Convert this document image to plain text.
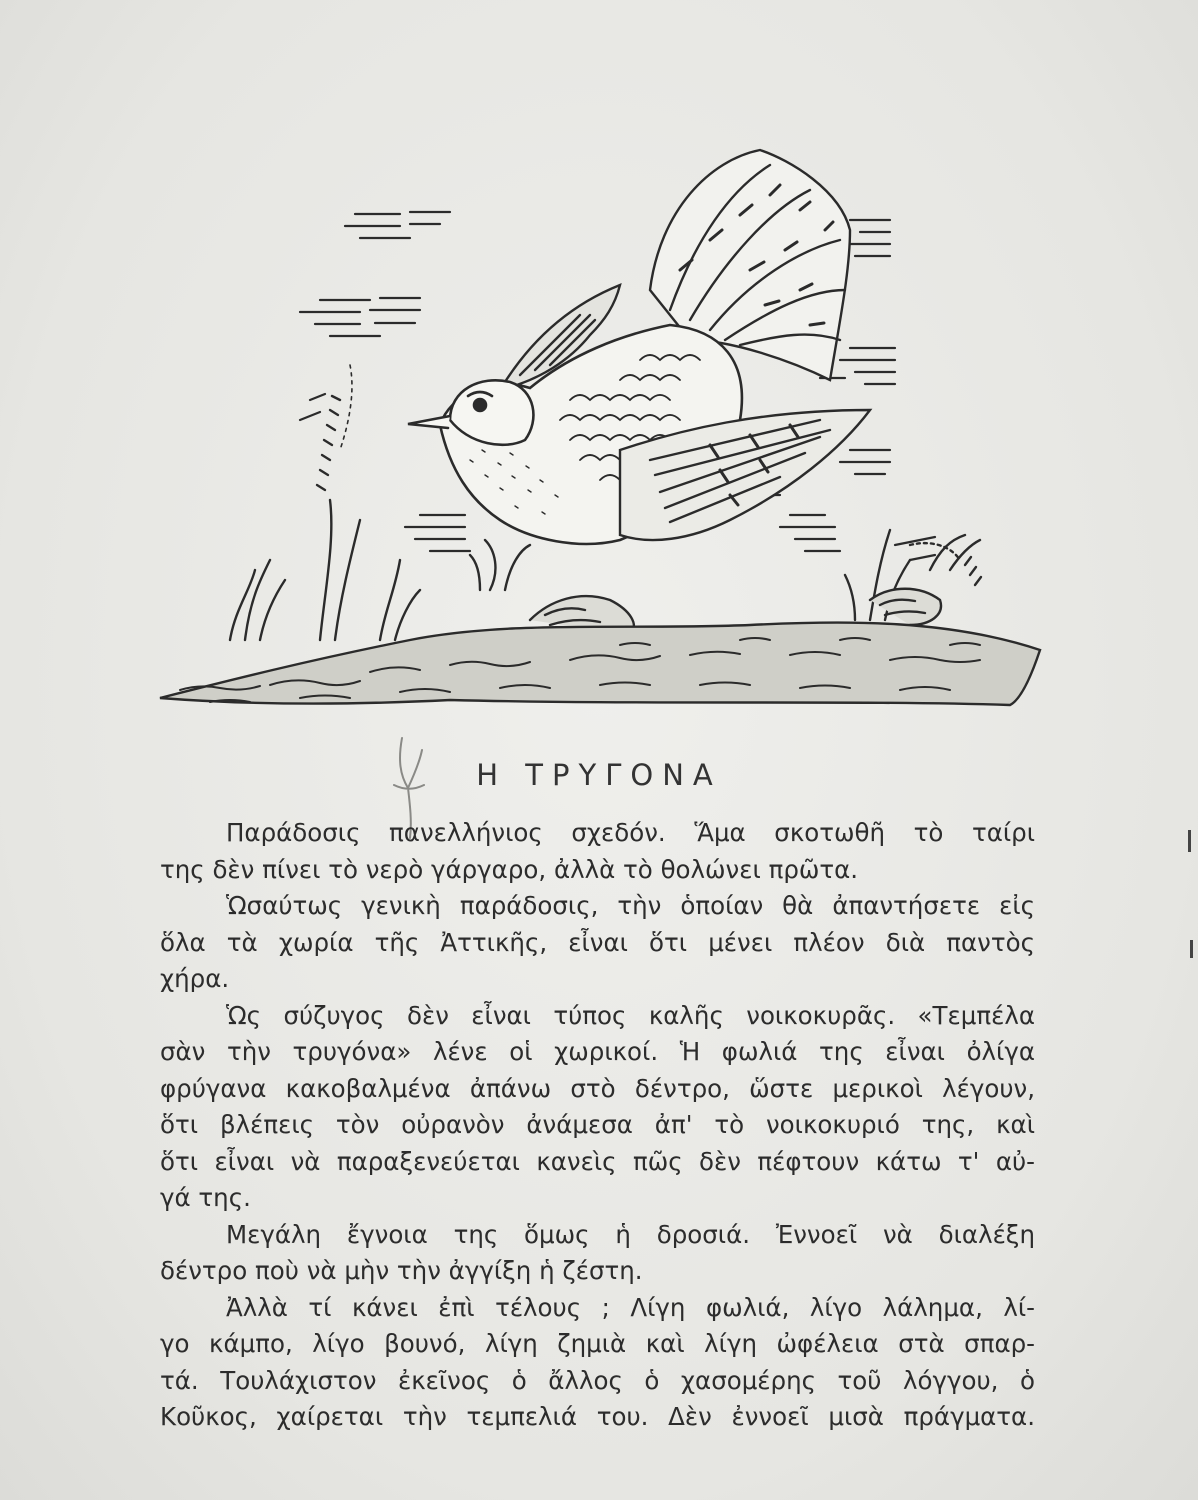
Η ΤΡΥΓΟΝΑ

Παράδοσις πανελλήνιος σχεδόν. Ἅμα σκοτωθῆ τὸ ταίρι
της δὲν πίνει τὸ νερὸ γάργαρο, ἀλλὰ τὸ θολώνει πρῶτα.

Ὡσαύτως γενικὴ παράδοσις, τὴν ὁποίαν θὰ ἀπαντήσετε εἰς
ὅλα τὰ χωρία τῆς Ἀττικῆς, εἶναι ὅτι μένει πλέον διὰ παντὸς
χήρα.

Ὡς σύζυγος δὲν εἶναι τύπος καλῆς νοικοκυρᾶς. «Τεμπέλα
σὰν τὴν τρυγόνα» λένε οἱ χωρικοί. Ἡ φωλιά της εἶναι ὀλίγα
φρύγανα κακοβαλμένα ἀπάνω στὸ δέντρο, ὥστε μερικοὶ λέγουν,
ὅτι βλέπεις τὸν οὐρανὸν ἀνάμεσα ἀπ' τὸ νοικοκυριό της, καὶ
ὅτι εἶναι νὰ παραξενεύεται κανεὶς πῶς δὲν πέφτουν κάτω τ' αὐ-
γά της.

Μεγάλη ἔγνοια της ὅμως ἡ δροσιά. Ἐννοεῖ νὰ διαλέξη
δέντρο ποὺ νὰ μὴν τὴν ἀγγίξη ἡ ζέστη.

Ἀλλὰ τί κάνει ἐπὶ τέλους ; Λίγη φωλιά, λίγο λάλημα, λί-
γο κάμπο, λίγο βουνό, λίγη ζημιὰ καὶ λίγη ὠφέλεια στὰ σπαρ-
τά. Τουλάχιστον ἐκεῖνος ὁ ἄλλος ὁ χασομέρης τοῦ λόγγου, ὁ
Κοῦκος, χαίρεται τὴν τεμπελιά του. Δὲν ἐννοεῖ μισὰ πράγματα.
